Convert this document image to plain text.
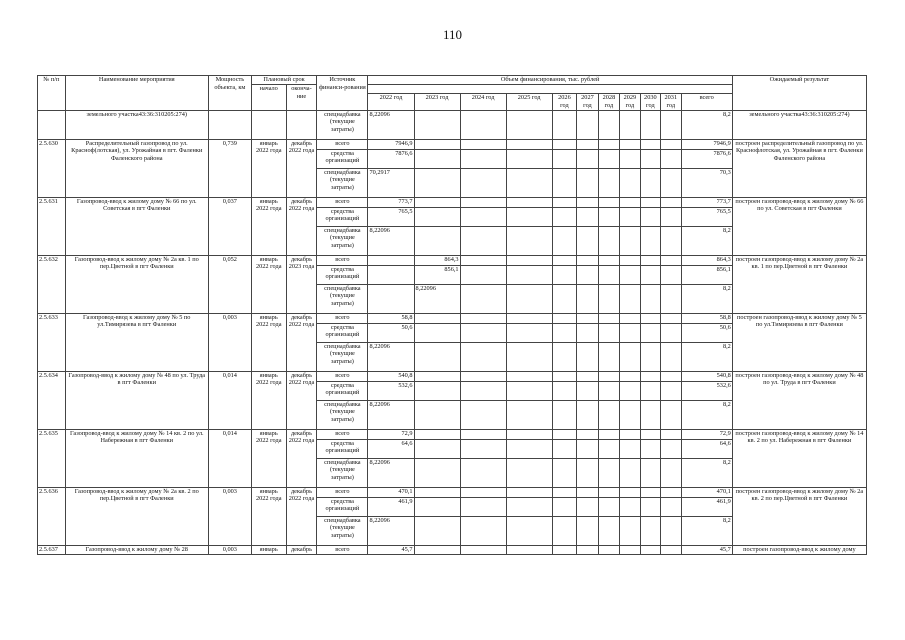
110
№ п/п	Наименование мероприятия	Мощность объекта, км	Плановый срок		Источник финанси-рования	Объем финансирования, тыс. рублей											Ожидаемый результат
			начало	оконча-ние													
						2022 год	2023 год	2024 год	2025 год	2026 год	2027 год	2028 год	2029 год	2030 год	2031 год	всего	
	земельного участка43:36:310205:274)				спецнадбавка (текущие затраты)	8,22096										8,2	земельного участка43:36:310205:274)
2.5.630	Распределительный газопровод по ул. Красноф(лотская), ул. Урожайная в пгт. Фаленки Фаленского района	0,739	январь 2022 года	декабрь 2022 года	всего	7946,9										7946,9	построен распределительный газопровод по ул. Краснофлотская, ул. Урожайная в пгт. Фаленки Фаленского района
					средства организаций	7876,6										7876,6	
					спецнадбавка (текущие затраты)	70,2917										70,3	
2.5.631	Газопровод-ввод к жилому дому № 66 по ул. Советская в пгт Фаленки	0,037	январь 2022 года	декабрь 2022 года	всего	773,7										773,7	построен газопровод-ввод к жилому дому № 66 по ул. Советская в пгт Фаленки
					средства организаций	765,5										765,5	
					спецнадбавка (текущие затраты)	8,22096										8,2	
2.5.632	Газопровод-ввод к жилому дому № 2а кв. 1 по пер.Цветной в пгт Фаленки	0,052	январь 2022 года	декабрь 2023 года	всего		864,3									864,3	построен газопровод-ввод к жилому дому № 2а кв. 1 по пер.Цветной в пгт Фаленки
					средства организаций		856,1									856,1	
					спецнадбавка (текущие затраты)		8,22096									8,2	
2.5.633	Газопровод-ввод к жилому дому № 5 по ул.Тимирязева в пгт Фаленки	0,003	январь 2022 года	декабрь 2022 года	всего	58,8										58,8	построен газопровод-ввод к жилому дому № 5 по ул.Тимирязева в пгт Фаленки
					средства организаций	50,6										50,6	
					спецнадбавка (текущие затраты)	8,22096										8,2	
2.5.634	Газопровод-ввод к жилому дому № 48 по ул. Труда в пгт Фаленки	0,014	январь 2022 года	декабрь 2022 года	всего	540,8										540,8	построен газопровод-ввод к жилому дому № 48 по ул. Труда в пгт Фаленки
					средства организаций	532,6										532,6	
					спецнадбавка (текущие затраты)	8,22096										8,2	
2.5.635	Газопровод-ввод к жилому дому № 14 кв. 2 по ул. Набережная в пгт Фаленки	0,014	январь 2022 года	декабрь 2022 года	всего	72,9										72,9	построен газопровод-ввод к жилому дому № 14 кв. 2 по ул. Набережная в пгт Фаленки
					средства организаций	64,6										64,6	
					спецнадбавка (текущие затраты)	8,22096										8,2	
2.5.636	Газопровод-ввод к жилому дому № 2а кв. 2 по пер.Цветной в пгт Фаленки	0,003	январь 2022 года	декабрь 2022 года	всего	470,1										470,1	построен газопровод-ввод к жилому дому № 2а кв. 2 по пер.Цветной в пгт Фаленки
					средства организаций	461,9										461,9	
					спецнадбавка (текущие затраты)	8,22096										8,2	
2.5.637	Газопровод-ввод к жилому дому № 28	0,003	январь	декабрь	всего	45,7										45,7	построен газопровод-ввод к жилому дому
